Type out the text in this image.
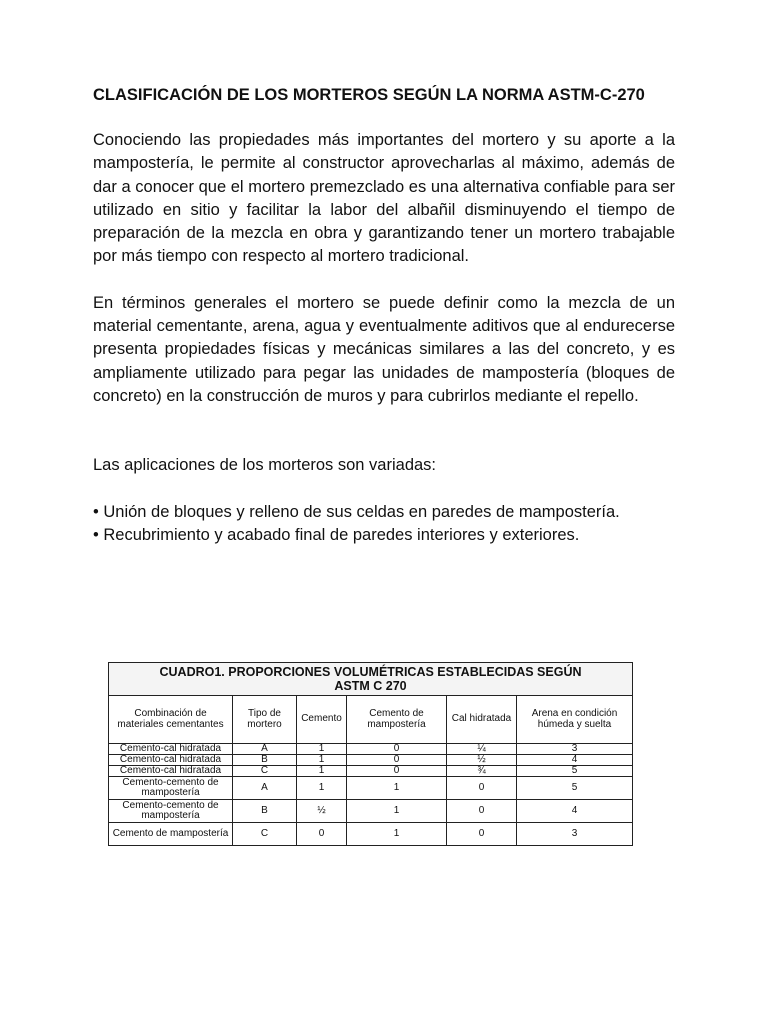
CLASIFICACIÓN DE LOS MORTEROS SEGÚN LA NORMA ASTM-C-270

Conociendo las propiedades más importantes del mortero y su aporte a la mampostería, le permite al constructor aprovecharlas al máximo, además de dar a conocer que el mortero premezclado es una alternativa confiable para ser utilizado en sitio y facilitar la labor del albañil disminuyendo el tiempo de preparación de la mezcla en obra y garantizando tener un mortero trabajable por más tiempo con respecto al mortero tradicional.

En términos generales el mortero se puede definir como la mezcla de un material cementante, arena, agua y eventualmente aditivos que al endurecerse presenta propiedades físicas y mecánicas similares a las del concreto, y es ampliamente utilizado para pegar las unidades de mampostería (bloques de concreto) en la construcción de muros y para cubrirlos mediante el repello.

Las aplicaciones de los morteros son variadas:

• Unión de bloques y relleno de sus celdas en paredes de mampostería.
• Recubrimiento y acabado final de paredes interiores y exteriores.
CUADRO1. PROPORCIONES VOLUMÉTRICAS ESTABLECIDAS SEGÚN
ASTM C 270					

Combinación de materiales cementantes	Tipo de mortero	Cemento	Cemento de mampostería	Cal hidratada	Arena en condición húmeda y suelta
Cemento-cal hidratada	A	1	0	¼	3
Cemento-cal hidratada	B	1	0	½	4
Cemento-cal hidratada	C	1	0	¾	5
Cemento-cemento de mampostería	A	1	1	0	5
Cemento-cemento de mampostería	B	½	1	0	4
Cemento de mampostería	C	0	1	0	3
